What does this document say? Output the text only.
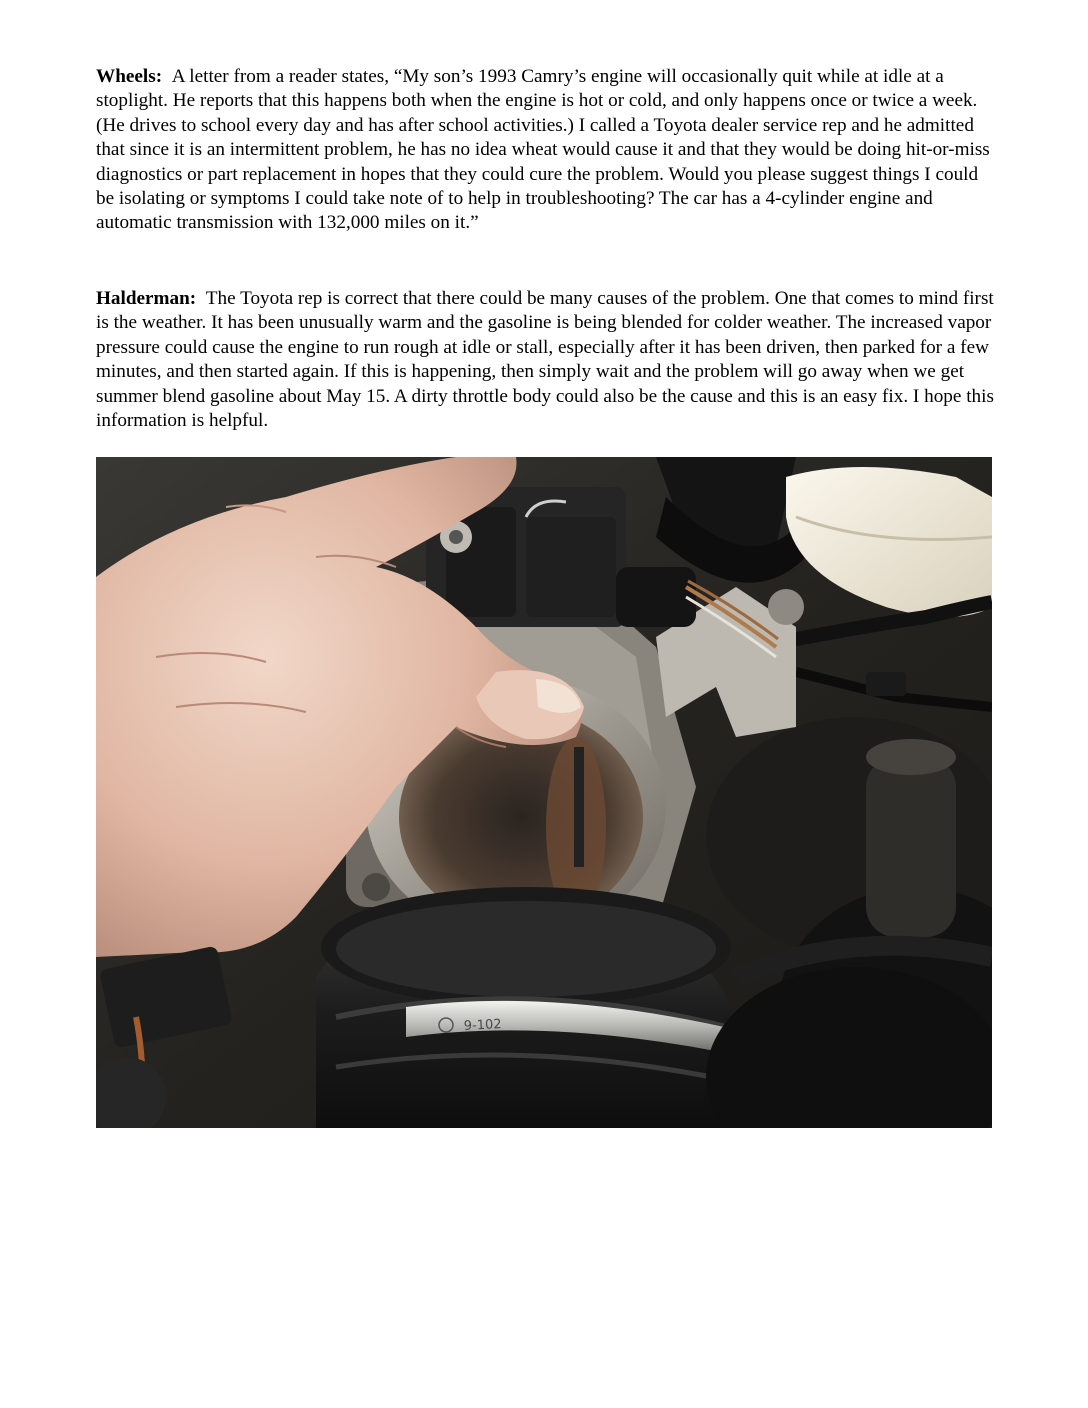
Wheels: A letter from a reader states, “My son’s 1993 Camry’s engine will occasionally quit while at idle at a stoplight. He reports that this happens both when the engine is hot or cold, and only happens once or twice a week. (He drives to school every day and has after school activities.) I called a Toyota dealer service rep and he admitted that since it is an intermittent problem, he has no idea wheat would cause it and that they would be doing hit-or-miss diagnostics or part replacement in hopes that they could cure the problem. Would you please suggest things I could be isolating or symptoms I could take note of to help in troubleshooting? The car has a 4-cylinder engine and automatic transmission with 132,000 miles on it.”

Halderman: The Toyota rep is correct that there could be many causes of the problem. One that comes to mind first is the weather. It has been unusually warm and the gasoline is being blended for colder weather. The increased vapor pressure could cause the engine to run rough at idle or stall, especially after it has been driven, then parked for a few minutes, and then started again. If this is happening, then simply wait and the problem will go away when we get summer blend gasoline about May 15. A dirty throttle body could also be the cause and this is an easy fix. I hope this information is helpful.

9-102
